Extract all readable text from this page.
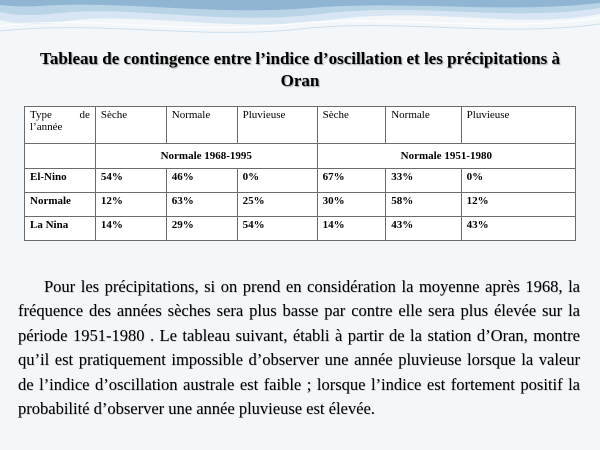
Tableau de contingence entre l’indice d’oscillation et les précipitations à
Oran
Type de
l’année	Sèche	Normale	Pluvieuse	Sèche	Normale	Pluvieuse
	Normale 1968-1995			Normale 1951-1980		
El-Nino	54%	46%	0%	67%	33%	0%
Normale	12%	63%	25%	30%	58%	12%
La Nina	14%	29%	54%	14%	43%	43%

Pour les précipitations, si on prend en considération la moyenne après 1968, la fréquence des années sèches sera plus basse par contre elle sera plus élevée sur la période 1951-1980 . Le tableau suivant, établi à partir de la station d’Oran, montre qu’il est pratiquement impossible d’observer une année pluvieuse lorsque la valeur de l’indice d’oscillation australe est faible ; lorsque l’indice est fortement positif la probabilité d’observer une année pluvieuse est élevée.
